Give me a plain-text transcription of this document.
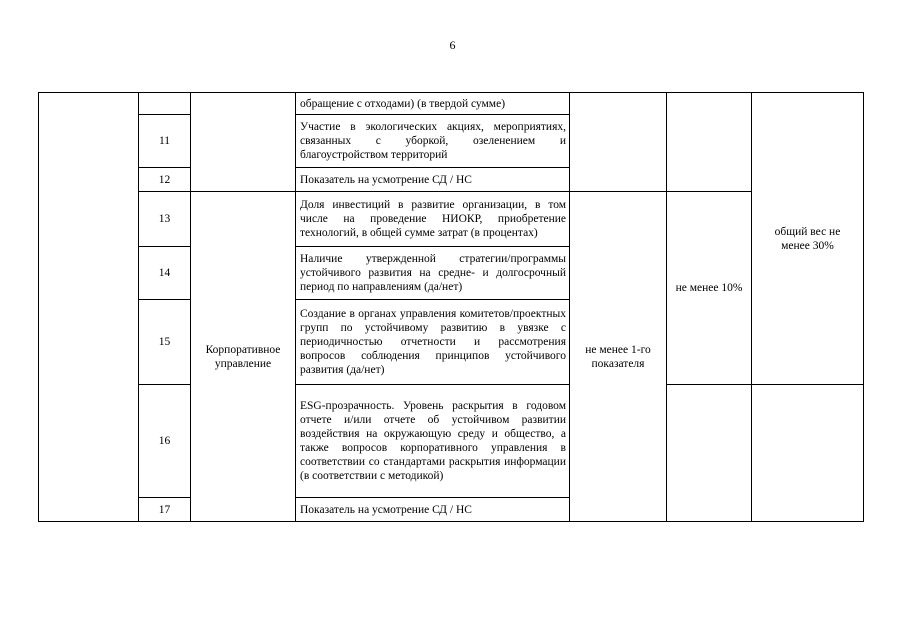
6
			обращение с отходами) (в твердой сумме)			общий вес не менее 30%
	11		Участие в экологических акциях, мероприятиях, связанных с уборкой, озеленением и благоустройством территорий			
	12		Показатель на усмотрение СД / НС			
	13	Корпоративное управление	Доля инвестиций в развитие организации, в том числе на проведение НИОКР, приобретение технологий, в общей сумме затрат (в процентах)	не менее 1-го показателя	не менее 10%	
	14		Наличие утвержденной стратегии/программы устойчивого развития на средне- и долгосрочный период по направлениям (да/нет)			
	15		Создание в органах управления комитетов/проектных групп по устойчивому развитию в увязке с периодичностью отчетности и рассмотрения вопросов соблюдения принципов устойчивого развития (да/нет)			
	16		ESG-прозрачность. Уровень раскрытия в годовом отчете и/или отчете об устойчивом развитии воздействия на окружающую среду и общество, а также вопросов корпоративного управления в соответствии со стандартами раскрытия информации (в соответствии с методикой)			
	17		Показатель на усмотрение СД / НС			
